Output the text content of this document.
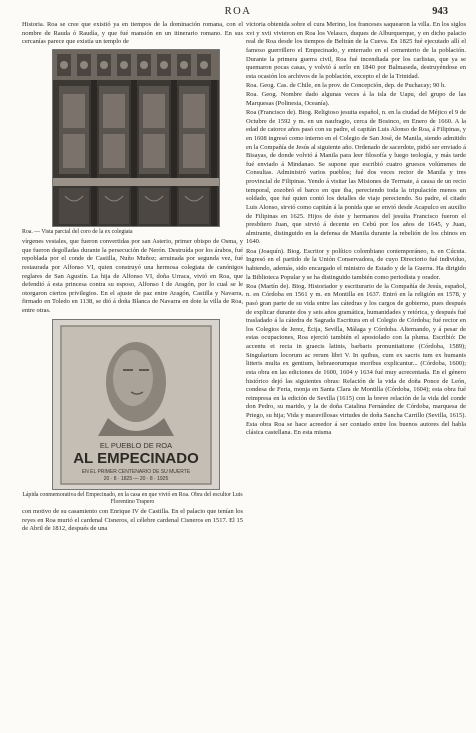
ROA	943

Historia. Roa se cree que existió ya en tiempos de la dominación romana, con el nombre de Rauda ó Raudía, y que fué mansión en un itinerario romano. En sus cercanías parece que existía un templo de

Roa. — Vista parcial del coro de la ex colegiata

vírgenes vestales, que fueron convertidas por san Asterio, primer obispo de Osma, y que fueron degolladas durante la persecución de Nerón. Destruída por los árabos, fué repoblada por el conde de Castilla, Nuño Muñoz; arruinada por segunda vez, fué restaurada por Alfonso VI, quien construyó una hermosa colegiata de canónigos reglares de San Agustín. La hija de Alfonso VI, doña Urraca, vivió en Roa, que defendió á esta princesa contra su esposo, Alfonso I de Aragón, por lo cual se le otorgaron ciertos privilegios. En el ajuste de paz entre Aragón, Castilla y Navarra, firmado en Toledo en 1138, se dió á doña Blanca de Navarra en dote la villa de Roa, entre otras.

EL PUEBLO DE ROA
AL EMPECINADO
EN EL PRIMER CENTENARIO DE SU MUERTE
20 · 8 · 1825 — 20 · 8 · 1925
Lápida conmemorativa del Empecinado, en la casa en que vivió en Roa. Obra del escultor Luis Florentino Trapero

con motivo de su casamiento con Enrique IV de Castilla. En el palacio que tenían los reyes en Roa murió el cardenal Cisneros, el célebre cardenal Cisneros en 1517. El 15 de Abril de 1812, después de una

victoria obtenida sobre el cura Merino, los franceses saquearon la villa. En los siglos xvi y xvii vivieron en Roa los Velasco, duques de Alburquerque, y en dicho palacio real de Roa desde los tiempos de Beltrán de la Cueva. En 1825 fué ejecutado allí el famoso guerrillero el Empecinado, y enterrado en el cementerio de la población. Durante la primera guerra civil, Roa fué incendiada por los carlistas, que ya se quemaron pocas casas, y volvió á serlo en 1840 por Balmaseda, destruyéndose en esta ocasión los archivos de la población, excepto el de la Trinidad.

Roa. Geog. Cas. de Chile, en la prov. de Concepción, dep. de Puchacay; 90 h.

Roa. Geog. Nombre dado algunas veces á la isla de Uapu, del grupo de las Marquesas (Polinesia, Oceanía).

Roa (Francisco de). Biog. Religioso jesuita español, n. en la ciudad de Méjico el 9 de Octubre de 1592 y m. en un naufragio, cerca de Bosinco, en Enero de 1660. A la edad de catorce años pasó con su padre, el capitán Luis Alonso de Roa, á Filipinas, y en 1608 ingresó como interno en el Colegio de San José, de Manila, siendo admitido en la Compañía de Jesús al siguiente año. Ordenado de sacerdote, pidió ser enviado á Bisayas, de donde volvió á Manila para leer filosofía y luego teología, y más tarde fué enviado á Mindanao. Se supone que escribió cuatro gruesos volúmenes de Consultas. Administró varios pueblos; fué dos veces rector de Manila y tres provincial de Filipinas. Yendo á visitar las Misiones de Terrnate, á causa de un recio temporal, zozobró el barco en que iba, pereciendo toda la tripulación menos un soldado, que fué quien contó los detalles de viaje pereciendo. Su padre, el citado Luis Alonso, sirvió como capitán á la ponida que se envió desde Acapulco en auxilio de Filipinas en 1625. Hijos de éste y hermanos del jesuíta Francisco fueron el presbítero Juan, que sirvió á decente en Cebú por los años de 1645, y Juan, almirante, distinguido en la defensa de Manila durante la rebelión de los chinos en 1640.

Roa (Joaquín). Biog. Escritor y político colombiano contemporáneo, n. en Cúcuta. Ingresó en el partido de la Unión Conservadora, de cuyo Directorio fué individuo, habiendo, además, sido encargado el ministro de Estado y de la Guerra. Ha dirigido la Biblioteca Popular y se ha distinguido también como periodista y orador.

Roa (Martín de). Biog. Historiador y escriturario de la Compañía de Jesús, español, n. en Córdoba en 1561 y m. en Montilla en 1637. Entró en la religión en 1578, y pasó gran parte de su vida entre las cátedras y los cargos de gobierno, pues después de explicar durante dos y seis años gramática, humanidades y retórica, y después fué trasladado á la cátedra de Sagrada Escritura en el Colegio de Córdoba; fué rector en los Colegios de Jerez, Écija, Sevilla, Málaga y Córdoba. Alternando, y á pesar de estas ocupaciones, Roa ejerció también el apostolado con la pluma. Escribió: De accentu et recta in graecis latinis, barbaris pronuntiatione (Córdoba, 1589); Singularium locorum ac rerum libri V. In quibus, cum ex sacris tum ex humanis litteris multa ex gentium, hebraeorumque moribus explicantur... (Córdoba, 1600); esta obra en las ediciones de 1600, 1604 y 1634 fué muy acrecentada. En el género histórico dejó las siguientes obras: Relación de la vida de doña Ponce de León, condesa de Feria, monja en Santa Clara de Montilla (Córdoba, 1604); esta obra fué reimpresa en la edición de Sevilla (1615) con la breve relación de la vida del conde don Pedro, su marido, y la de doña Catalina Fernández de Córdoba, marquesa de Priego, su hija; Vida y maravillosas virtudes de doña Sancha Carrillo (Sevilla, 1615). Esta obra Roa se hace acreedor á ser contado entre los buenos autores del habla clásica castellana. En esta misma
